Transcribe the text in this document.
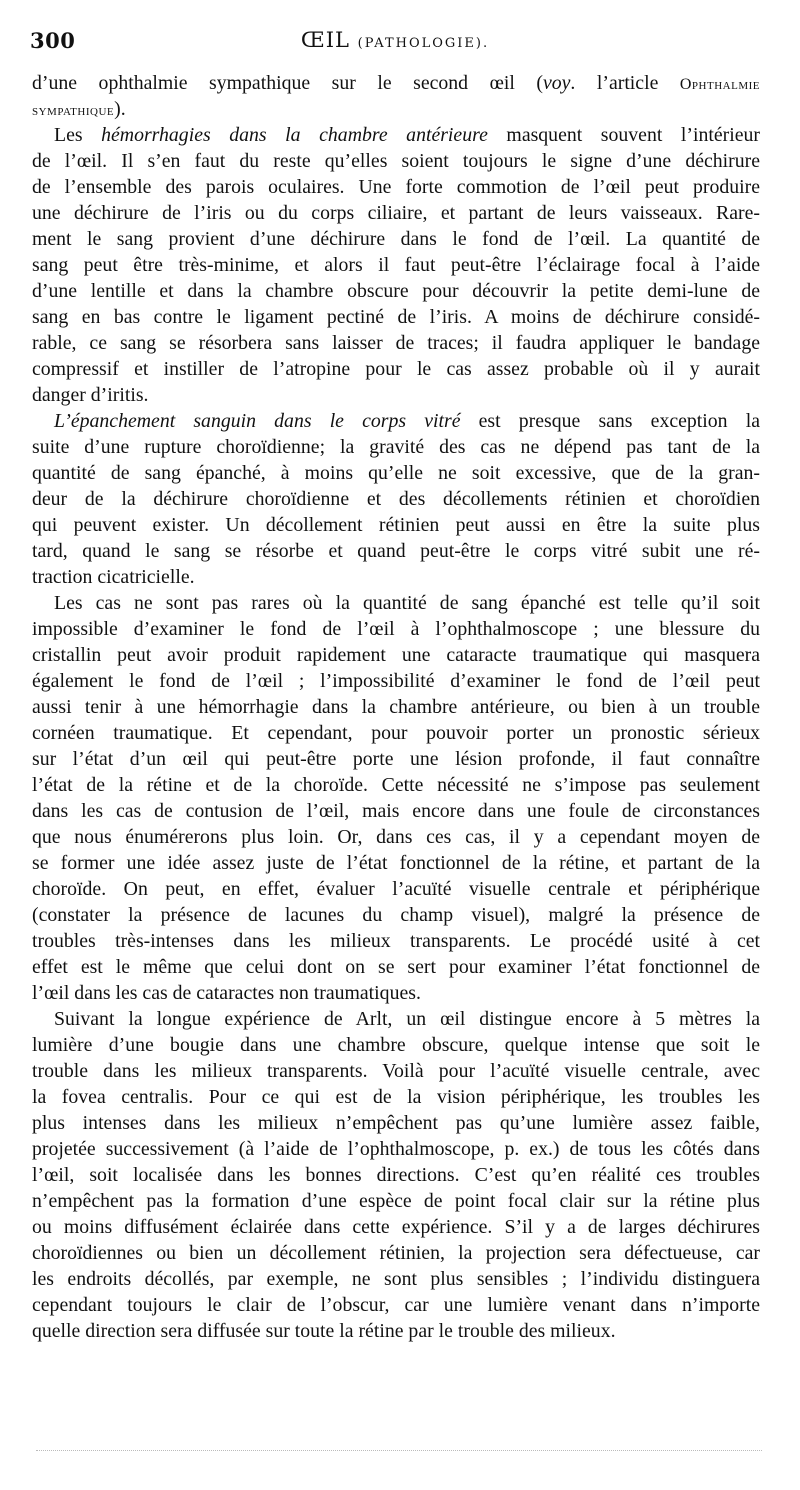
300	ŒIL (PATHOLOGIE).
d’une ophthalmie sympathique sur le second œil (voy. l’article Ophthalmie
sympathique).
Les hémorrhagies dans la chambre antérieure masquent souvent l’intérieur
de l’œil. Il s’en faut du reste qu’elles soient toujours le signe d’une déchirure
de l’ensemble des parois oculaires. Une forte commotion de l’œil peut produire
une déchirure de l’iris ou du corps ciliaire, et partant de leurs vaisseaux. Rare-
ment le sang provient d’une déchirure dans le fond de l’œil. La quantité de
sang peut être très-minime, et alors il faut peut-être l’éclairage focal à l’aide
d’une lentille et dans la chambre obscure pour découvrir la petite demi-lune de
sang en bas contre le ligament pectiné de l’iris. A moins de déchirure considé-
rable, ce sang se résorbera sans laisser de traces; il faudra appliquer le bandage
compressif et instiller de l’atropine pour le cas assez probable où il y aurait
danger d’iritis.
L’épanchement sanguin dans le corps vitré est presque sans exception la
suite d’une rupture choroïdienne; la gravité des cas ne dépend pas tant de la
quantité de sang épanché, à moins qu’elle ne soit excessive, que de la gran-
deur de la déchirure choroïdienne et des décollements rétinien et choroïdien
qui peuvent exister. Un décollement rétinien peut aussi en être la suite plus
tard, quand le sang se résorbe et quand peut-être le corps vitré subit une ré-
traction cicatricielle.
Les cas ne sont pas rares où la quantité de sang épanché est telle qu’il soit
impossible d’examiner le fond de l’œil à l’ophthalmoscope ; une blessure du
cristallin peut avoir produit rapidement une cataracte traumatique qui masquera
également le fond de l’œil ; l’impossibilité d’examiner le fond de l’œil peut
aussi tenir à une hémorrhagie dans la chambre antérieure, ou bien à un trouble
cornéen traumatique. Et cependant, pour pouvoir porter un pronostic sérieux
sur l’état d’un œil qui peut-être porte une lésion profonde, il faut connaître
l’état de la rétine et de la choroïde. Cette nécessité ne s’impose pas seulement
dans les cas de contusion de l’œil, mais encore dans une foule de circonstances
que nous énumérerons plus loin. Or, dans ces cas, il y a cependant moyen de
se former une idée assez juste de l’état fonctionnel de la rétine, et partant de la
choroïde. On peut, en effet, évaluer l’acuïté visuelle centrale et périphérique
(constater la présence de lacunes du champ visuel), malgré la présence de
troubles très-intenses dans les milieux transparents. Le procédé usité à cet
effet est le même que celui dont on se sert pour examiner l’état fonctionnel de
l’œil dans les cas de cataractes non traumatiques.
Suivant la longue expérience de Arlt, un œil distingue encore à 5 mètres la
lumière d’une bougie dans une chambre obscure, quelque intense que soit le
trouble dans les milieux transparents. Voilà pour l’acuïté visuelle centrale, avec
la fovea centralis. Pour ce qui est de la vision périphérique, les troubles les
plus intenses dans les milieux n’empêchent pas qu’une lumière assez faible,
projetée successivement (à l’aide de l’ophthalmoscope, p. ex.) de tous les côtés dans
l’œil, soit localisée dans les bonnes directions. C’est qu’en réalité ces troubles
n’empêchent pas la formation d’une espèce de point focal clair sur la rétine plus
ou moins diffusément éclairée dans cette expérience. S’il y a de larges déchirures
choroïdiennes ou bien un décollement rétinien, la projection sera défectueuse, car
les endroits décollés, par exemple, ne sont plus sensibles ; l’individu distinguera
cependant toujours le clair de l’obscur, car une lumière venant dans n’importe
quelle direction sera diffusée sur toute la rétine par le trouble des milieux.
